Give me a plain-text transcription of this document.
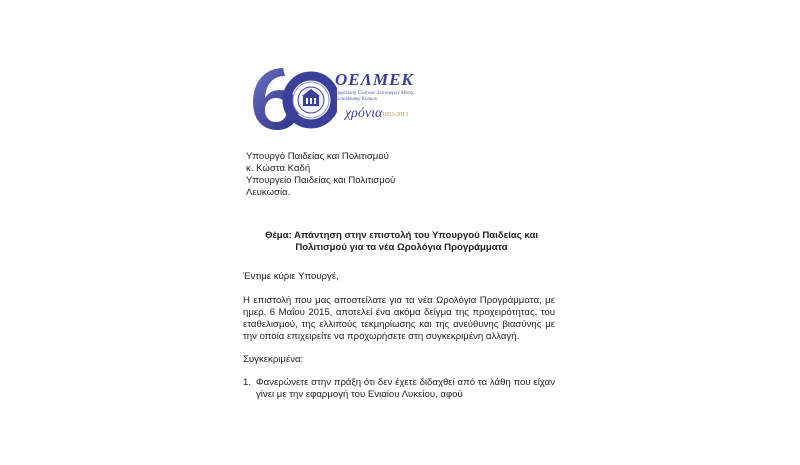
ΟΕΛΜΕΚ
Οργάνωση Ελλήνων Λειτουργών Μέσης Εκπαίδευσης Κύπρου
χρόνια 1953-2013
Υπουργό Παιδείας και Πολιτισμού
κ. Κώστα Καδή
Υπουργείο Παιδείας και Πολιτισμού
Λευκωσία.
Θέμα: Απάντηση στην επιστολή του Υπουργού Παιδείας και
Πολιτισμού για τα νέα Ωρολόγια Προγράμματα
Έντιμε κύριε Υπουργέ,
Η επιστολή που μας αποστείλατε για τα νέα Ωρολόγια Προγράμματα, με ημερ. 6 Μαΐου 2015, αποτελεί ένα ακόμα δείγμα της προχειρότητας, του εταθελισμού, της ελλιπούς τεκμηρίωσης και της ανεύθυνης βιασύνης με την οποία επιχειρείτε να προχωρήσετε στη συγκεκριμένη αλλαγή.
Συγκεκριμένα:
1. Φανερώνετε στην πράξη ότι δεν έχετε διδαχθεί από τα λάθη που είχαν γίνει με την εφαρμογή του Ενιαίου Λυκείου, αφού
